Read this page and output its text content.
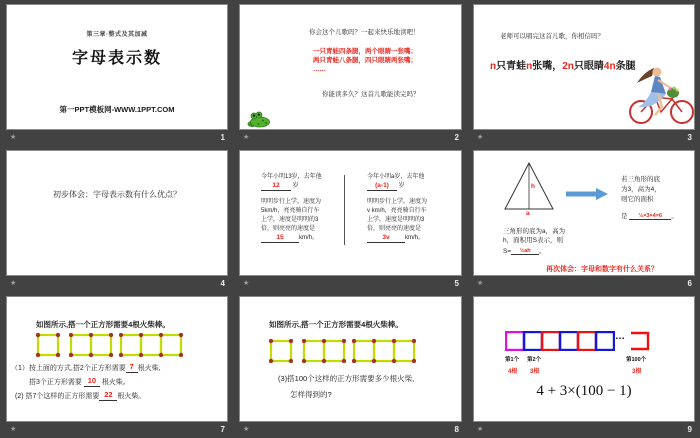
第三章·整式及其加减
字母表示数
第一PPT模板网-WWW.1PPT.COM
★	1
你会这个儿歌吗？一起来快乐地读吧！
一只青蛙四条腿，两个眼睛一张嘴；
两只青蛙八条腿，四只眼睛两张嘴；
……
你能读多久？这首儿歌能读完吗？
★	2
老师可以唱完这首儿歌，你相信吗？
n只青蛙n张嘴，2n只眼睛4n条腿
★	3
初步体会：字母表示数有什么优点？
★	4
今年小明13岁，去年他
12 岁
明明步行上学，速度为
5km/h，亮亮骑自行车
上学，速度是明明的3
倍，则亮亮的速度是
15	km/h。
今年小明a岁，去年他
(a-1) 岁
明明步行上学，速度为
v km/h，亮亮骑自行车
上学，速度是明明的3
倍，则亮亮的速度是
3v	km/h。
★	5
h
a
若三角形的底
为3，高为4，
则它的面积
是 ½×3×4=6 。
三角形的底为a，高为
h，面积用S表示，则
S= ½ah 。
再次体会：字母和数字有什么关系？
★	6
如图所示,搭一个正方形需要4根火柴棒。
（1）按上面的方式,搭2个正方形需要 7 根火柴,
搭3个正方形需要 10 根火柴。
(2) 搭7个这样的正方形需要 22 根火柴。
★	7
如图所示,搭一个正方形需要4根火柴棒。
(3)搭100个这样的正方形需要多少根火柴,
怎样得到的?
★	8
…
第1个 第2个	第100个
4根 3根	3根
4 + 3×(100 − 1)
★	9
